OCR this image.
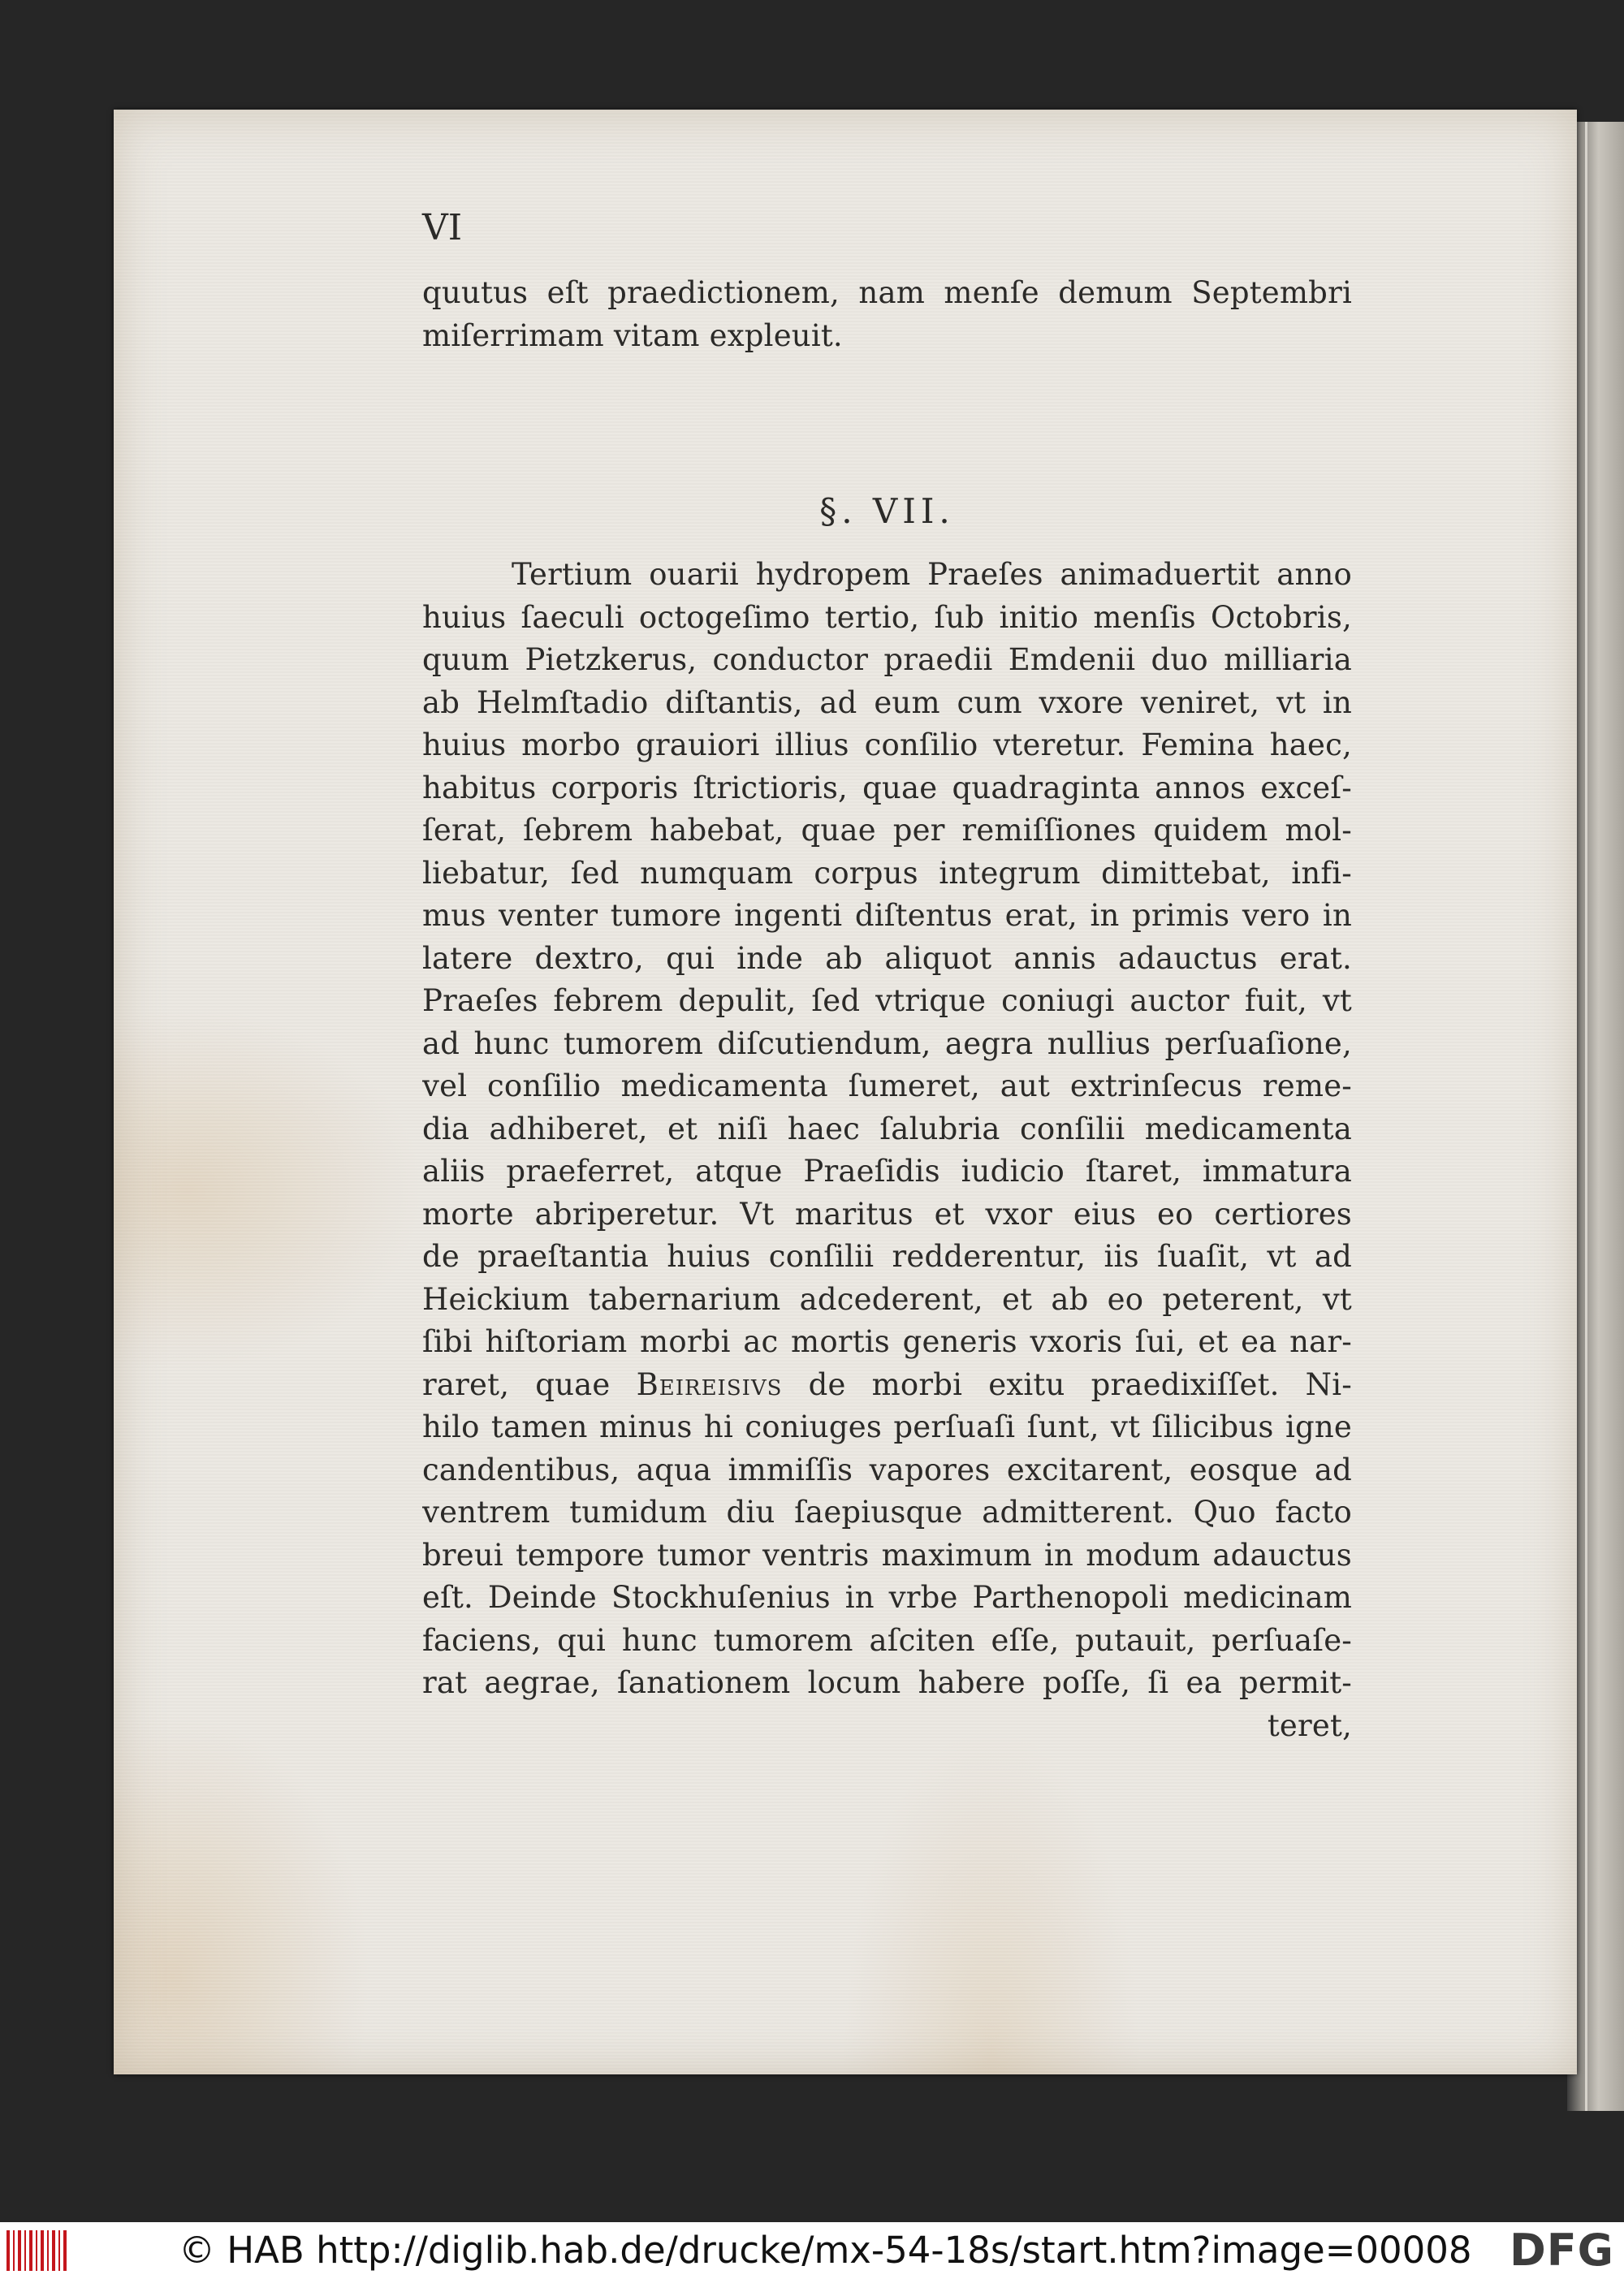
VI
quutus eſt praedictionem, nam menſe demum Septembri
miſerrimam vitam expleuit.
§. VII.
Tertium ouarii hydropem Praeſes animaduertit anno
huius ſaeculi octogeſimo tertio, ſub initio menſis Octobris,
quum Pietzkerus, conductor praedii Emdenii duo milliaria
ab Helmſtadio diſtantis, ad eum cum vxore veniret, vt in
huius morbo grauiori illius conſilio vteretur. Femina haec,
habitus corporis ſtrictioris, quae quadraginta annos exceſ-
ſerat, ſebrem habebat, quae per remiſſiones quidem mol-
liebatur, ſed numquam corpus integrum dimittebat, infi-
mus venter tumore ingenti diſtentus erat, in primis vero in
latere dextro, qui inde ab aliquot annis adauctus erat.
Praeſes febrem depulit, ſed vtrique coniugi auctor fuit, vt
ad hunc tumorem diſcutiendum, aegra nullius perſuaſione,
vel conſilio medicamenta ſumeret, aut extrinſecus reme-
dia adhiberet, et niſi haec ſalubria conſilii medicamenta
aliis praeferret, atque Praeſidis iudicio ſtaret, immatura
morte abriperetur. Vt maritus et vxor eius eo certiores
de praeſtantia huius conſilii redderentur, iis ſuaſit, vt ad
Heickium tabernarium adcederent, et ab eo peterent, vt
ſibi hiſtoriam morbi ac mortis generis vxoris ſui, et ea nar-
raret, quae Beireisivs de morbi exitu praedixiſſet. Ni-
hilo tamen minus hi coniuges perſuaſi ſunt, vt ſilicibus igne
candentibus, aqua immiſſis vapores excitarent, eosque ad
ventrem tumidum diu ſaepiusque admitterent. Quo facto
breui tempore tumor ventris maximum in modum adauctus
eſt. Deinde Stockhuſenius in vrbe Parthenopoli medicinam
faciens, qui hunc tumorem aſciten eſſe, putauit, perſuaſe-
rat aegrae, ſanationem locum habere poſſe, ſi ea permit-
teret,
© HAB http://diglib.hab.de/drucke/mx-54-18s/start.htm?image=00008 DFG
